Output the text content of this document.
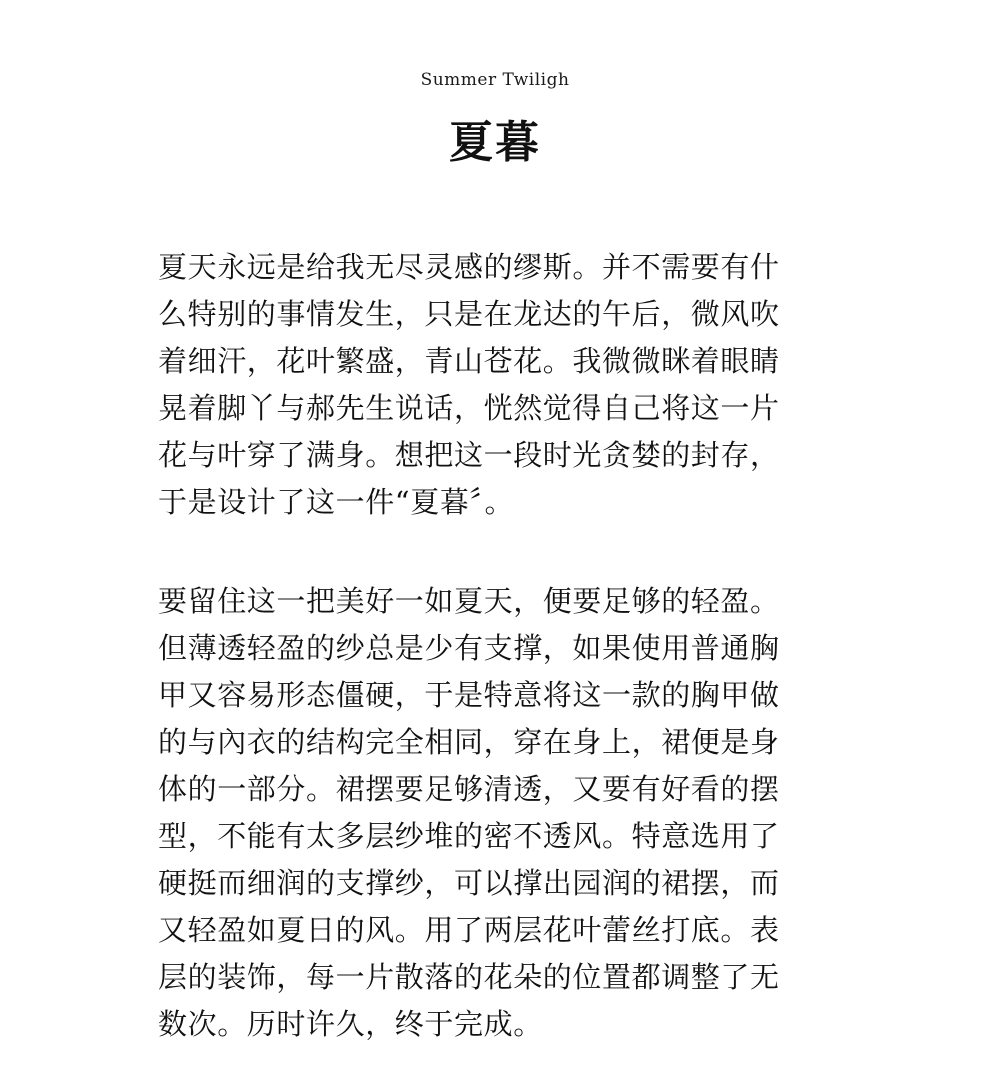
Summer Twiligh
夏暮
夏天永远是给我无尽灵感的缪斯。并不需要有什
么特别的事情发生，只是在龙达的午后，微风吹
着细汗，花叶繁盛，青山苍花。我微微眯着眼睛
晃着脚丫与郝先生说话，恍然觉得自己将这一片
花与叶穿了满身。想把这一段时光贪婪的封存，
于是设计了这一件“夏暮〞。
要留住这一把美好一如夏天，便要足够的轻盈。
但薄透轻盈的纱总是少有支撑，如果使用普通胸
甲又容易形态僵硬，于是特意将这一款的胸甲做
的与內衣的结构完全相同，穿在身上，裙便是身
体的一部分。裙摆要足够清透，又要有好看的摆
型，不能有太多层纱堆的密不透风。特意选用了
硬挺而细润的支撑纱，可以撑出园润的裙摆，而
又轻盈如夏日的风。用了两层花叶蕾丝打底。表
层的装饰，每一片散落的花朵的位置都调整了无
数次。历时许久，终于完成。
